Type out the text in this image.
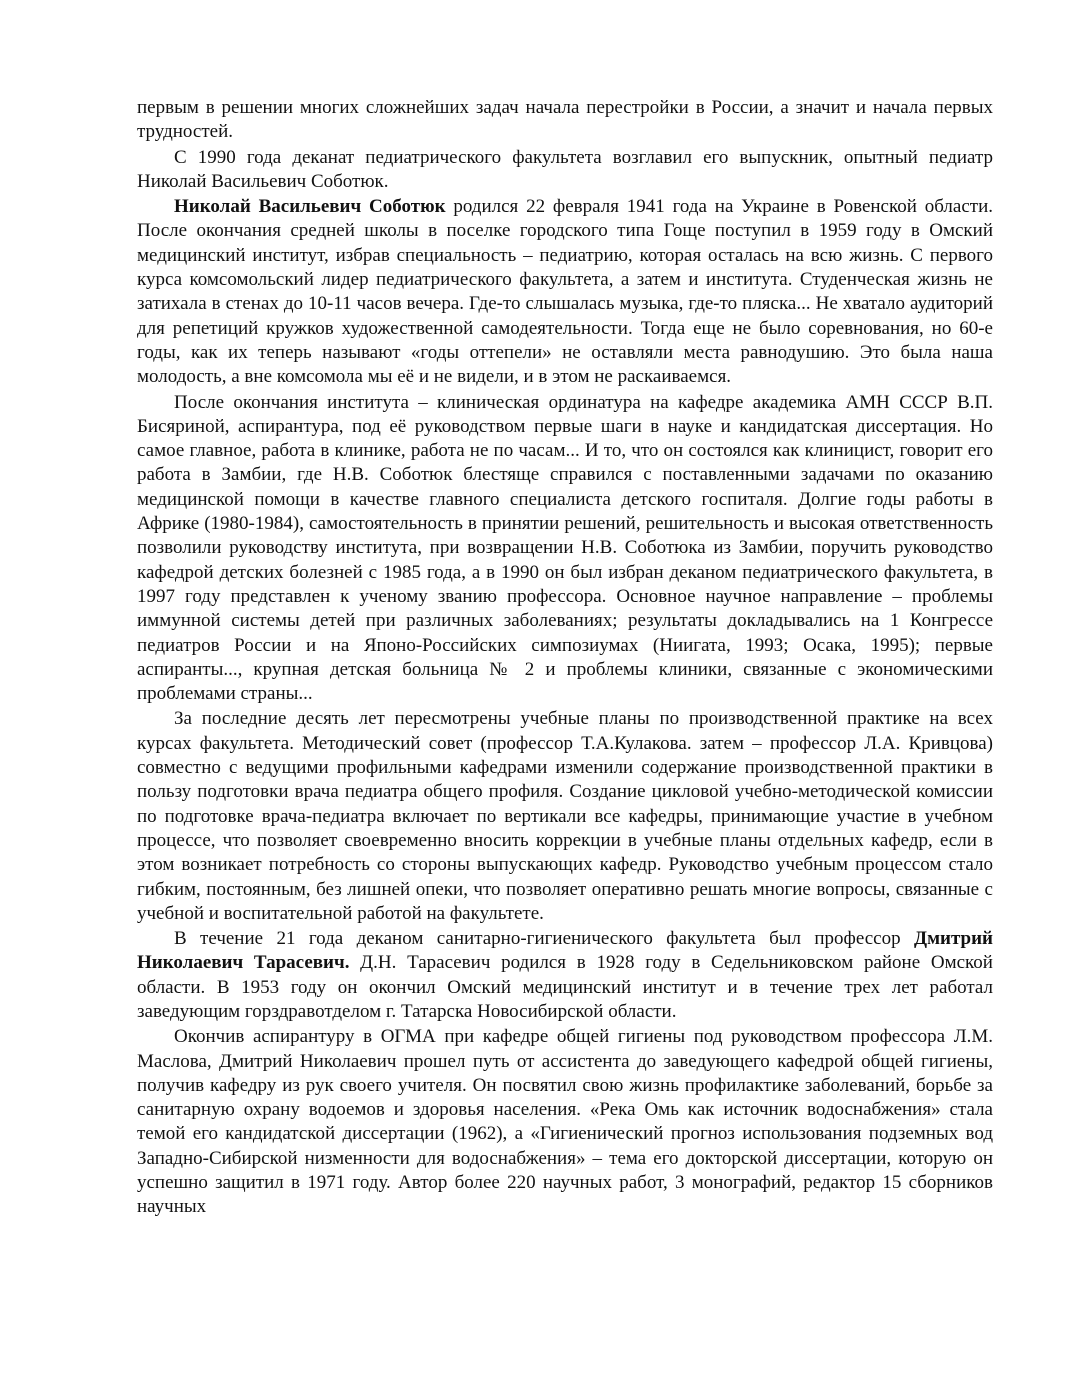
первым в решении многих сложнейших задач начала перестройки в России, а значит и начала первых трудностей.

С 1990 года деканат педиатрического факультета возглавил его выпускник, опытный педиатр Николай Васильевич Соботюк.

Николай Васильевич Соботюк родился 22 февраля 1941 года на Украине в Ровенской области. После окончания средней школы в поселке городского типа Гоще поступил в 1959 году в Омский медицинский институт, избрав специальность – педиатрию, которая осталась на всю жизнь. С первого курса комсомольский лидер педиатрического факультета, а затем и института. Студенческая жизнь не затихала в стенах до 10-11 часов вечера. Где-то слышалась музыка, где-то пляска... Не хватало аудиторий для репетиций кружков художественной самодеятельности. Тогда еще не было соревнования, но 60-е годы, как их теперь называют «годы оттепели» не оставляли места равнодушию. Это была наша молодость, а вне комсомола мы её и не видели, и в этом не раскаиваемся.

После окончания института – клиническая ординатура на кафедре академика АМН СССР В.П. Бисяриной, аспирантура, под её руководством первые шаги в науке и кандидатская диссертация. Но самое главное, работа в клинике, работа не по часам... И то, что он состоялся как клиницист, говорит его работа в Замбии, где Н.В. Соботюк блестяще справился с поставленными задачами по оказанию медицинской помощи в качестве главного специалиста детского госпиталя. Долгие годы работы в Африке (1980-1984), самостоятельность в принятии решений, решительность и высокая ответственность позволили руководству института, при возвращении Н.В. Соботюка из Замбии, поручить руководство кафедрой детских болезней с 1985 года, а в 1990 он был избран деканом педиатрического факультета, в 1997 году представлен к ученому званию профессора. Основное научное направление – проблемы иммунной системы детей при различных заболеваниях; результаты докладывались на 1 Конгрессе педиатров России и на Японо-Российских симпозиумах (Ниигата, 1993; Осака, 1995); первые аспиранты..., крупная детская больница № 2 и проблемы клиники, связанные с экономическими проблемами страны...

За последние десять лет пересмотрены учебные планы по производственной практике на всех курсах факультета. Методический совет (профессор Т.А.Кулакова. затем – профессор Л.А. Кривцова) совместно с ведущими профильными кафедрами изменили содержание производственной практики в пользу подготовки врача педиатра общего профиля. Создание цикловой учебно-методической комиссии по подготовке врача-педиатра включает по вертикали все кафедры, принимающие участие в учебном процессе, что позволяет своевременно вносить коррекции в учебные планы отдельных кафедр, если в этом возникает потребность со стороны выпускающих кафедр. Руководство учебным процессом стало гибким, постоянным, без лишней опеки, что позволяет оперативно решать многие вопросы, связанные с учебной и воспитательной работой на факультете.

В течение 21 года деканом санитарно-гигиенического факультета был профессор Дмитрий Николаевич Тарасевич. Д.Н. Тарасевич родился в 1928 году в Седельниковском районе Омской области. В 1953 году он окончил Омский медицинский институт и в течение трех лет работал заведующим горздравотделом г. Татарска Новосибирской области.

Окончив аспирантуру в ОГМА при кафедре общей гигиены под руководством профессора Л.М. Маслова, Дмитрий Николаевич прошел путь от ассистента до заведующего кафедрой общей гигиены, получив кафедру из рук своего учителя. Он посвятил свою жизнь профилактике заболеваний, борьбе за санитарную охрану водоемов и здоровья населения. «Река Омь как источник водоснабжения» стала темой его кандидатской диссертации (1962), а «Гигиенический прогноз использования подземных вод Западно-Сибирской низменности для водоснабжения» – тема его докторской диссертации, которую он успешно защитил в 1971 году. Автор более 220 научных работ, 3 монографий, редактор 15 сборников научных
